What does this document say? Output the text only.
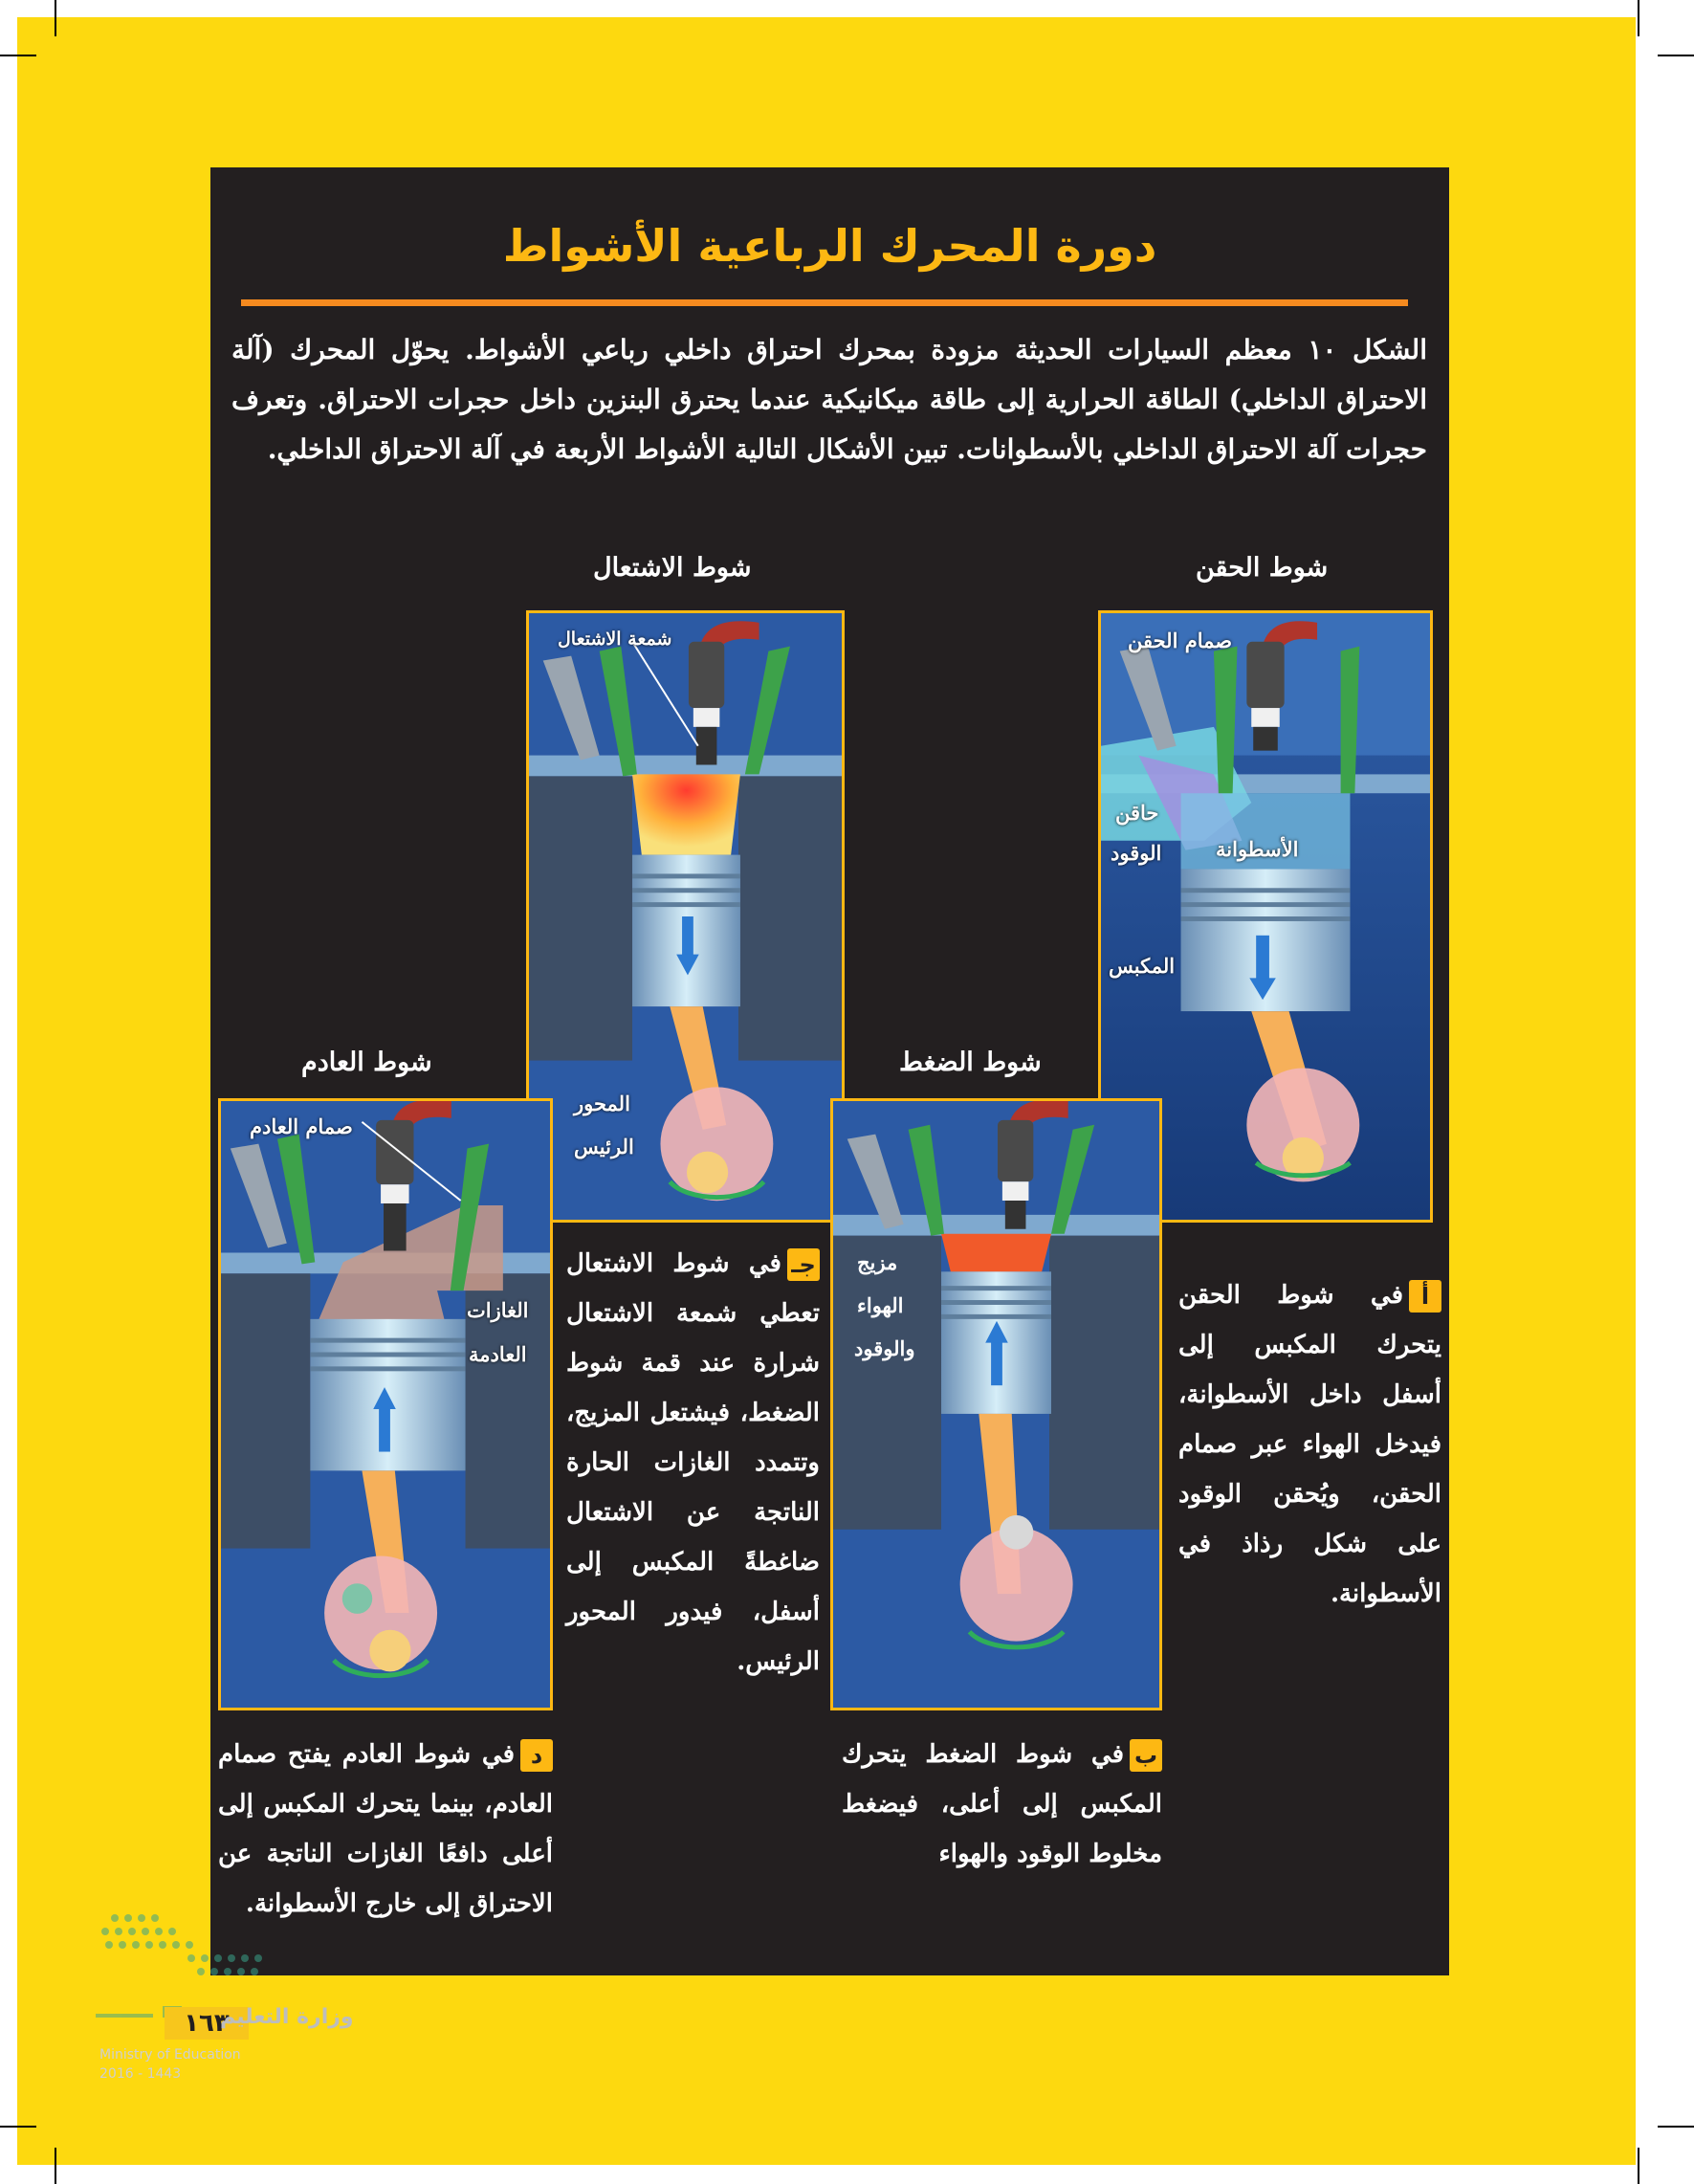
دورة المحرك الرباعية الأشواط
الشكل ١٠ معظم السيارات الحديثة مزودة بمحرك احتراق داخلي رباعي الأشواط. يحوّل المحرك (آلة الاحتراق الداخلي) الطاقة الحرارية إلى طاقة ميكانيكية عندما يحترق البنزين داخل حجرات الاحتراق. وتعرف حجرات آلة الاحتراق الداخلي بالأسطوانات. تبين الأشكال التالية الأشواط الأربعة في آلة الاحتراق الداخلي.
شوط الحقن
شوط الاشتعال
شوط الضغط
شوط العادم
صمام الحقن
حاقن
الوقود	الأسطوانة
المكبس
شمعة الاشتعال
المحور
الرئيس
مزيج
الهواء
والوقود
صمام العادم
الغازات
العادمة
أفي شوط الحقن يتحرك المكبس إلى أسفل داخل الأسطوانة، فيدخل الهواء عبر صمام الحقن، ويُحقن الوقود على شكل رذاذ في الأسطوانة.
جـفي شوط الاشتعال تعطي شمعة الاشتعال شرارة عند قمة شوط الضغط، فيشتعل المزيج، وتتمدد الغازات الحارة الناتجة عن الاشتعال ضاغطةً المكبس إلى أسفل، فيدور المحور الرئيس.
بفي شوط الضغط يتحرك المكبس إلى أعلى، فيضغط مخلوط الوقود والهواء
دفي شوط العادم يفتح صمام العادم، بينما يتحرك المكبس إلى أعلى دافعًا الغازات الناتجة عن الاحتراق إلى خارج الأسطوانة.
١٦٣
وزارة التعليم
Ministry of Education
2016 - 1443
